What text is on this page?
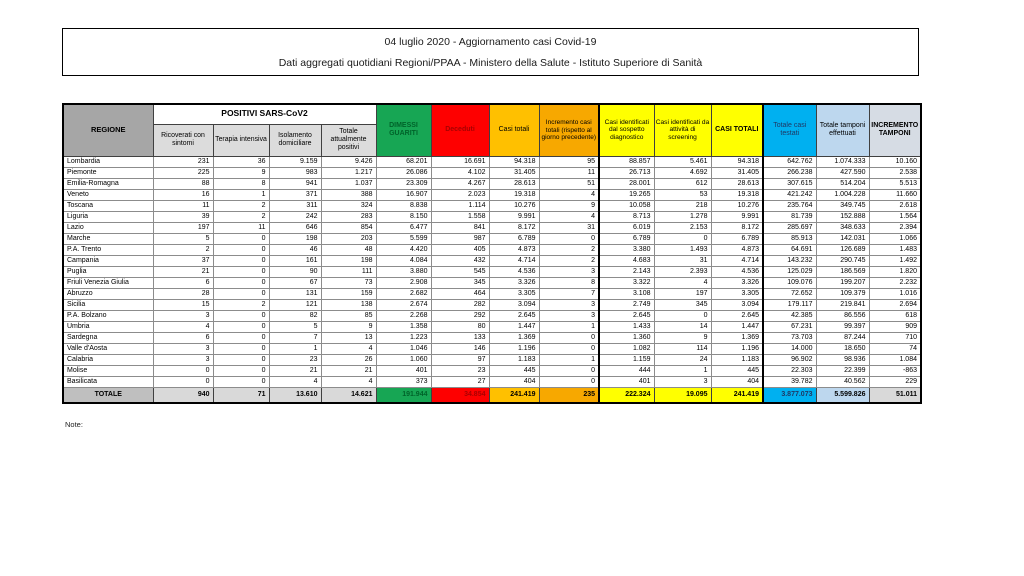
04 luglio 2020 - Aggiornamento casi Covid-19
Dati aggregati quotidiani Regioni/PPAA - Ministero della Salute - Istituto Superiore di Sanità
REGIONE	POSITIVI SARS-CoV2				DIMESSI GUARITI	Deceduti	Casi totali	Incremento casi totali (rispetto al giorno precedente)	Casi identificati dal sospetto diagnostico	Casi identificati da attività di screening	CASI TOTALI	Totale casi testati	Totale tamponi effettuati	INCREMENTO TAMPONI
	Ricoverati con sintomi	Terapia intensiva	Isolamento domiciliare	Totale attualmente positivi										
Lombardia	231	36	9.159	9.426	68.201	16.691	94.318	95	88.857	5.461	94.318	642.762	1.074.333	10.160
Piemonte	225	9	983	1.217	26.086	4.102	31.405	11	26.713	4.692	31.405	266.238	427.590	2.538
Emilia-Romagna	88	8	941	1.037	23.309	4.267	28.613	51	28.001	612	28.613	307.615	514.204	5.513
Veneto	16	1	371	388	16.907	2.023	19.318	4	19.265	53	19.318	421.242	1.004.228	11.660
Toscana	11	2	311	324	8.838	1.114	10.276	9	10.058	218	10.276	235.764	349.745	2.618
Liguria	39	2	242	283	8.150	1.558	9.991	4	8.713	1.278	9.991	81.739	152.888	1.564
Lazio	197	11	646	854	6.477	841	8.172	31	6.019	2.153	8.172	285.697	348.633	2.394
Marche	5	0	198	203	5.599	987	6.789	0	6.789	0	6.789	85.913	142.031	1.066
P.A. Trento	2	0	46	48	4.420	405	4.873	2	3.380	1.493	4.873	64.691	126.689	1.483
Campania	37	0	161	198	4.084	432	4.714	2	4.683	31	4.714	143.232	290.745	1.492
Puglia	21	0	90	111	3.880	545	4.536	3	2.143	2.393	4.536	125.029	186.569	1.820
Friuli Venezia Giulia	6	0	67	73	2.908	345	3.326	8	3.322	4	3.326	109.076	199.207	2.232
Abruzzo	28	0	131	159	2.682	464	3.305	7	3.108	197	3.305	72.652	109.379	1.016
Sicilia	15	2	121	138	2.674	282	3.094	3	2.749	345	3.094	179.117	219.841	2.694
P.A. Bolzano	3	0	82	85	2.268	292	2.645	3	2.645	0	2.645	42.385	86.556	618
Umbria	4	0	5	9	1.358	80	1.447	1	1.433	14	1.447	67.231	99.397	909
Sardegna	6	0	7	13	1.223	133	1.369	0	1.360	9	1.369	73.703	87.244	710
Valle d'Aosta	3	0	1	4	1.046	146	1.196	0	1.082	114	1.196	14.000	18.650	74
Calabria	3	0	23	26	1.060	97	1.183	1	1.159	24	1.183	96.902	98.936	1.084
Molise	0	0	21	21	401	23	445	0	444	1	445	22.303	22.399	-863
Basilicata	0	0	4	4	373	27	404	0	401	3	404	39.782	40.562	229
TOTALE	940	71	13.610	14.621	191.944	34.854	241.419	235	222.324	19.095	241.419	3.877.073	5.599.826	51.011
Note:
